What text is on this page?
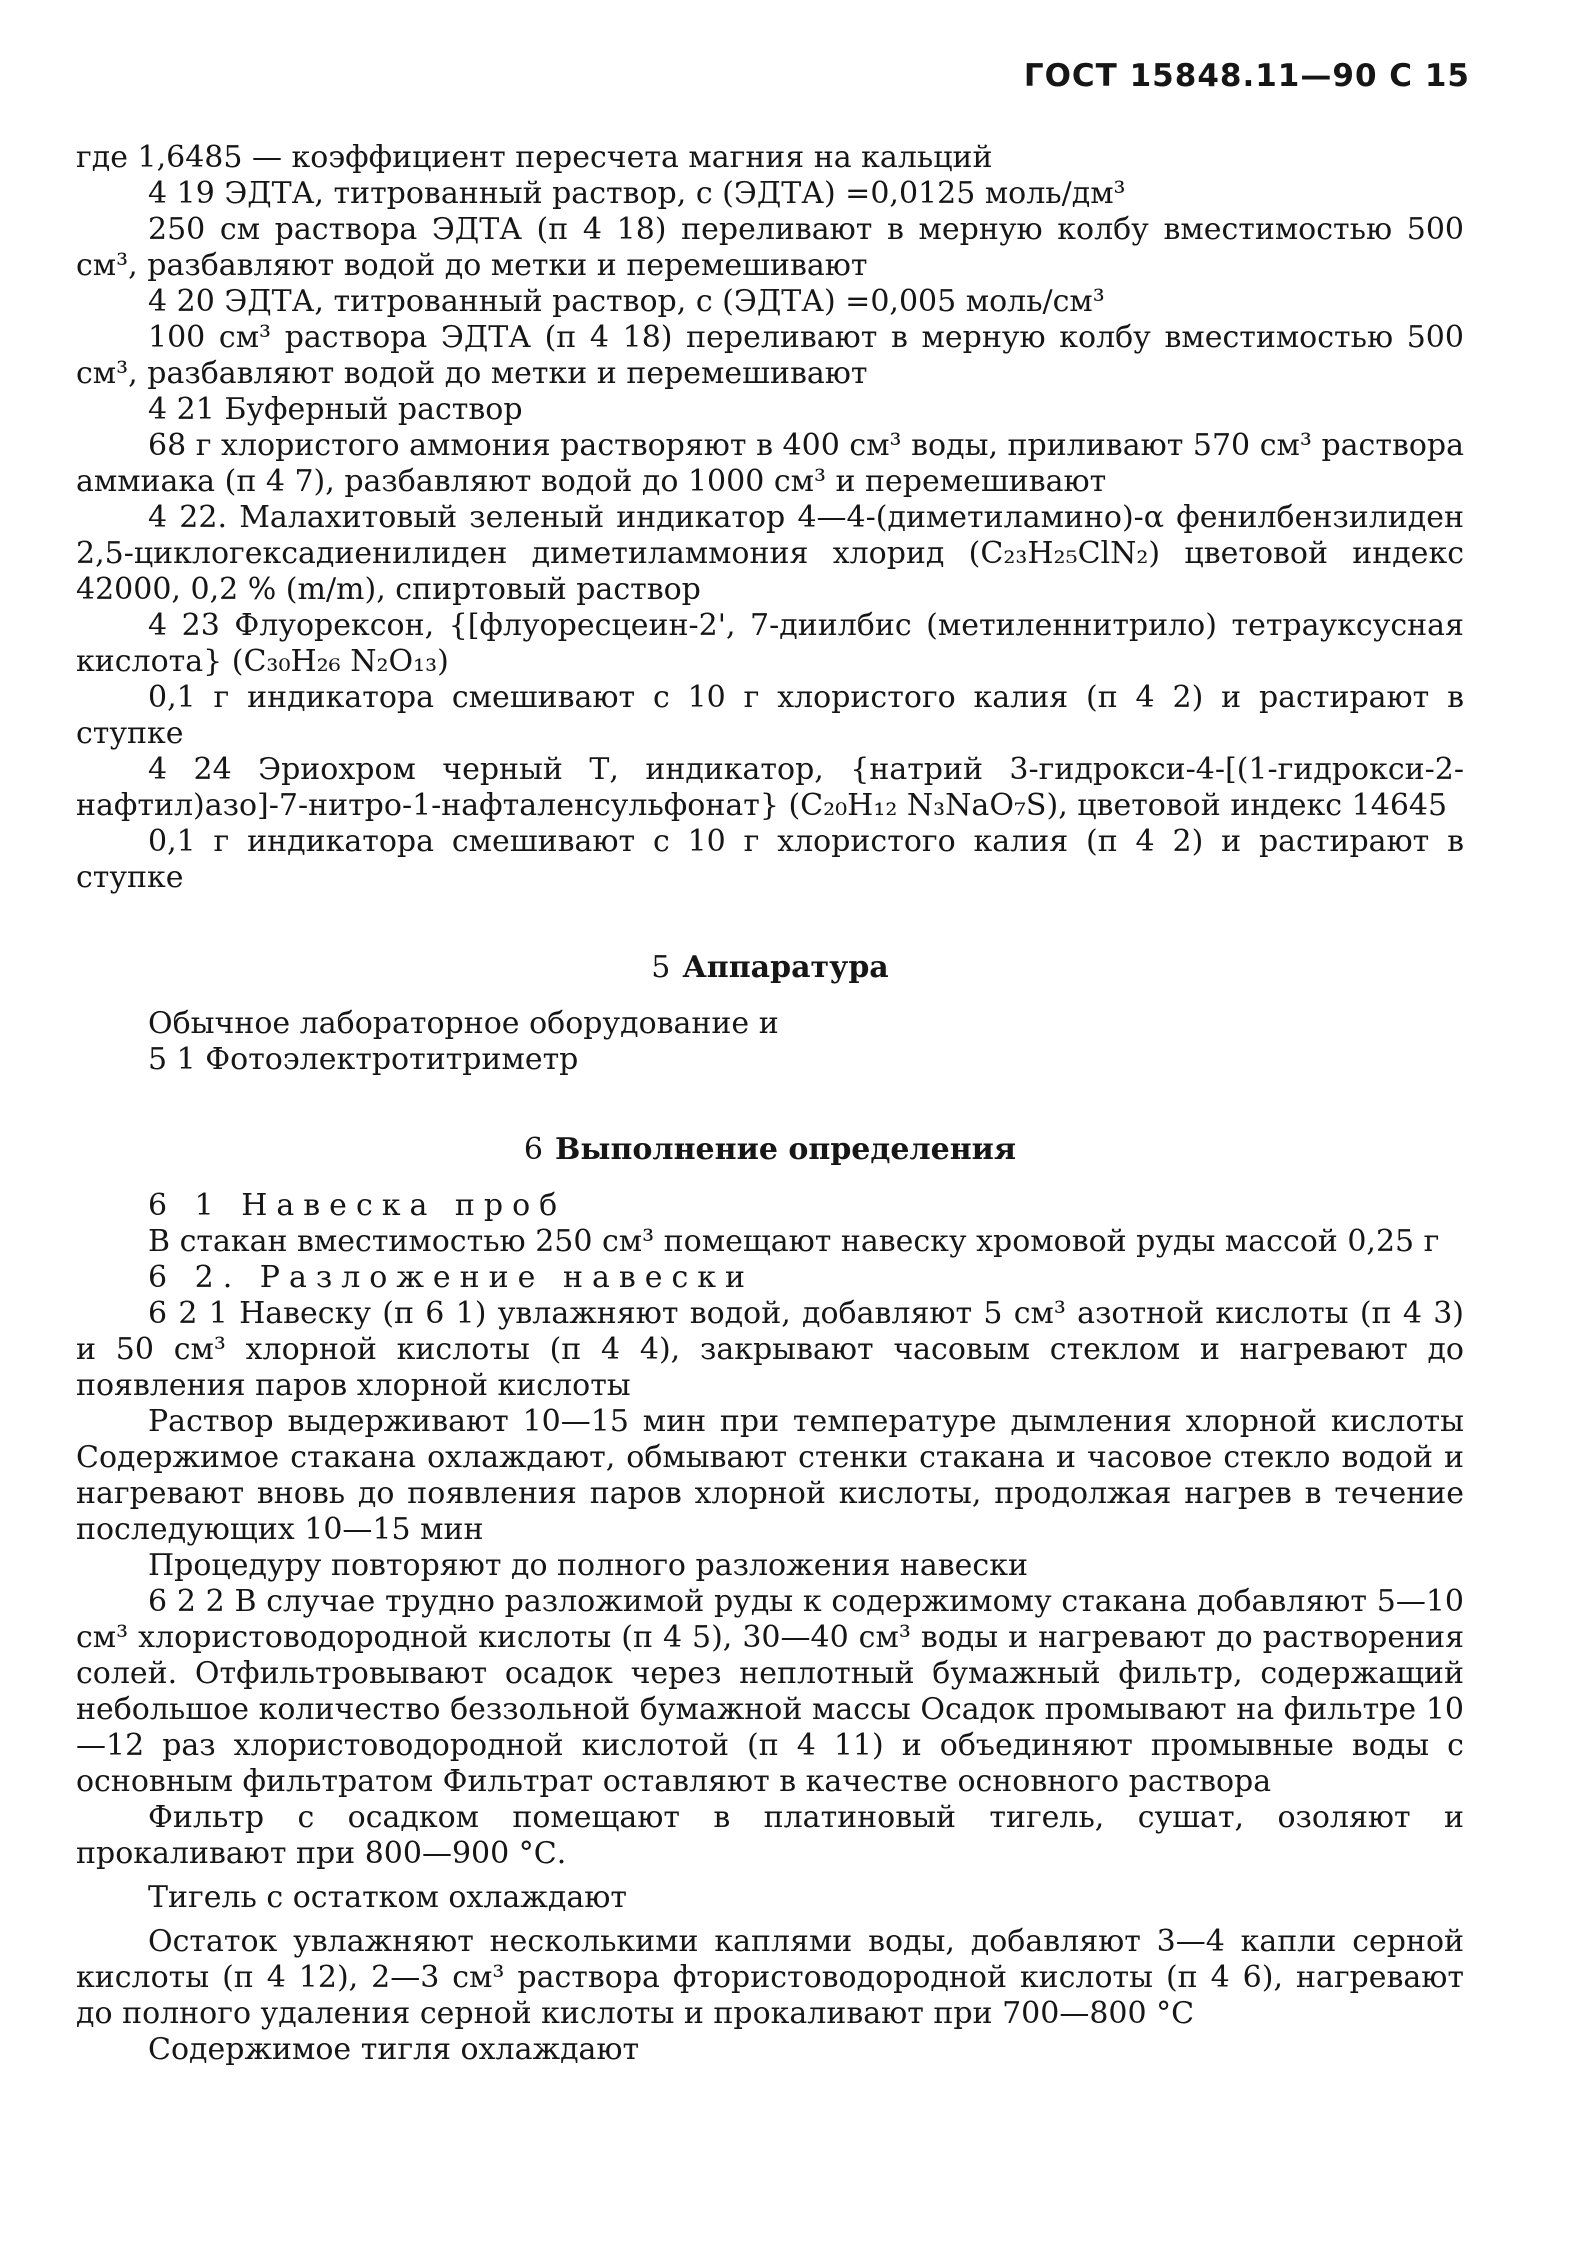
ГОСТ 15848.11—90 С 15

где 1,6485 — коэффициент пересчета магния на кальций

4 19 ЭДТА, титрованный раствор, с (ЭДТА) =0,0125 моль/дм³

250 см раствора ЭДТА (п 4 18) переливают в мерную колбу вместимостью 500 см³, разбавляют водой до метки и перемешивают

4 20 ЭДТА, титрованный раствор, с (ЭДТА) =0,005 моль/см³

100 см³ раствора ЭДТА (п 4 18) переливают в мерную колбу вместимостью 500 см³, разбавляют водой до метки и перемешивают

4 21 Буферный раствор

68 г хлористого аммония растворяют в 400 см³ воды, приливают 570 см³ раствора аммиака (п 4 7), разбавляют водой до 1000 см³ и перемешивают

4 22. Малахитовый зеленый индикатор 4—4-(диметиламино)-α фенилбензилиден 2,5-циклогексадиенилиден диметиламмония хлорид (C₂₃H₂₅ClN₂) цветовой индекс 42000, 0,2 % (m/m), спиртовый раствор

4 23 Флуорексон, {[флуоресцеин-2', 7-диилбис (метиленнитрило) тетрауксусная кислота} (C₃₀H₂₆ N₂O₁₃)

0,1 г индикатора смешивают с 10 г хлористого калия (п 4 2) и растирают в ступке

4 24 Эриохром черный Т, индикатор, {натрий 3-гидрокси-4-[(1-гидрокси-2-нафтил)азо]-7-нитро-1-нафталенсульфонат} (C₂₀H₁₂ N₃NaO₇S), цветовой индекс 14645

0,1 г индикатора смешивают с 10 г хлористого калия (п 4 2) и растирают в ступке

5 Аппаратура

Обычное лабораторное оборудование и

5 1 Фотоэлектротитриметр

6 Выполнение определения

6 1 Навеска проб

В стакан вместимостью 250 см³ помещают навеску хромовой руды массой 0,25 г

6 2. Разложение навески

6 2 1 Навеску (п 6 1) увлажняют водой, добавляют 5 см³ азотной кислоты (п 4 3) и 50 см³ хлорной кислоты (п 4 4), закрывают часовым стеклом и нагревают до появления паров хлорной кислоты

Раствор выдерживают 10—15 мин при температуре дымления хлорной кислоты Содержимое стакана охлаждают, обмывают стенки стакана и часовое стекло водой и нагревают вновь до появления паров хлорной кислоты, продолжая нагрев в течение последующих 10—15 мин

Процедуру повторяют до полного разложения навески

6 2 2 В случае трудно разложимой руды к содержимому стакана добавляют 5—10 см³ хлористоводородной кислоты (п 4 5), 30—40 см³ воды и нагревают до растворения солей. Отфильтровывают осадок через неплотный бумажный фильтр, содержащий небольшое количество беззольной бумажной массы Осадок промывают на фильтре 10—12 раз хлористоводородной кислотой (п 4 11) и объединяют промывные воды с основным фильтратом Фильтрат оставляют в качестве основного раствора

Фильтр с осадком помещают в платиновый тигель, сушат, озоляют и прокаливают при 800—900 °С.

Тигель с остатком охлаждают

Остаток увлажняют несколькими каплями воды, добавляют 3—4 капли серной кислоты (п 4 12), 2—3 см³ раствора фтористоводородной кислоты (п 4 6), нагревают до полного удаления серной кислоты и прокаливают при 700—800 °С

Содержимое тигля охлаждают
